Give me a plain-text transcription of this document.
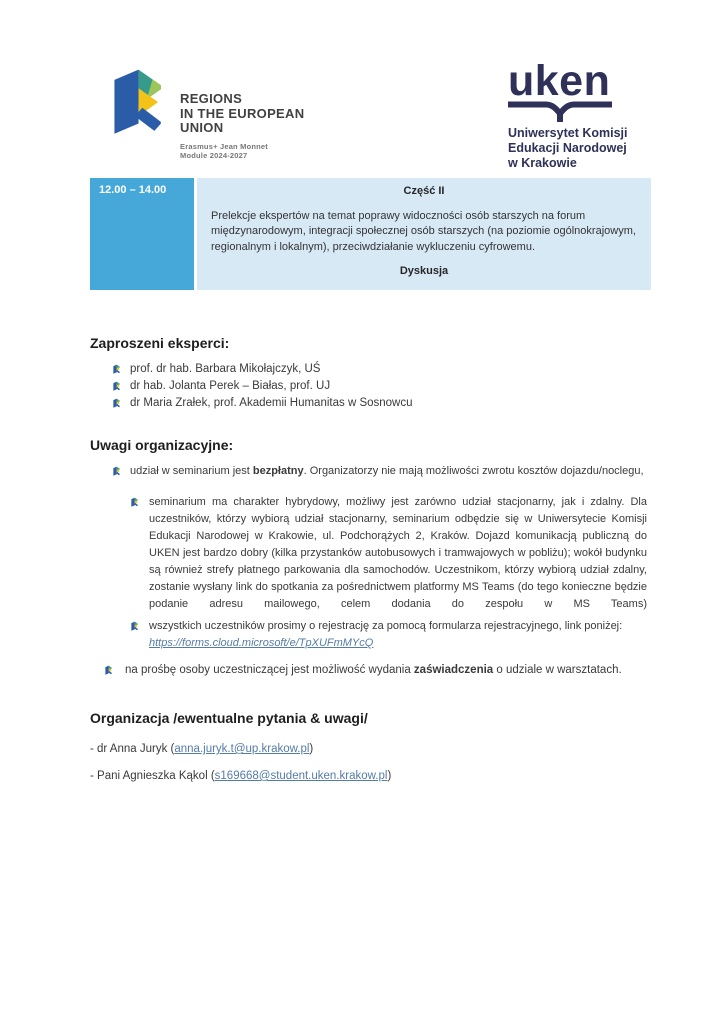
REGIONS
IN THE EUROPEAN
UNION
Erasmus+ Jean Monnet
Module 2024-2027
uken
Uniwersytet Komisji
Edukacji Narodowej
w Krakowie
12.00 – 14.00	Część II
Prelekcje ekspertów na temat poprawy widoczności osób starszych na forum międzynarodowym, integracji społecznej osób starszych (na poziomie ogólnokrajowym, regionalnym i lokalnym), przeciwdziałanie wykluczeniu cyfrowemu.
Dyskusja
Zaproszeni eksperci:
prof. dr hab. Barbara Mikołajczyk, UŚ
dr hab. Jolanta Perek – Białas, prof. UJ
dr Maria Zrałek, prof. Akademii Humanitas w Sosnowcu
Uwagi organizacyjne:
udział w seminarium jest bezpłatny. Organizatorzy nie mają możliwości zwrotu kosztów dojazdu/noclegu,
seminarium ma charakter hybrydowy, możliwy jest zarówno udział stacjonarny, jak i zdalny. Dla uczestników, którzy wybiorą udział stacjonarny, seminarium odbędzie się w Uniwersytecie Komisji Edukacji Narodowej w Krakowie, ul. Podchorążych 2, Kraków. Dojazd komunikacją publiczną do UKEN jest bardzo dobry (kilka przystanków autobusowych i tramwajowych w pobliżu); wokół budynku są również strefy płatnego parkowania dla samochodów. Uczestnikom, którzy wybiorą udział zdalny, zostanie wysłany link do spotkania za pośrednictwem platformy MS Teams (do tego konieczne będzie podanie adresu mailowego, celem dodania do zespołu w MS Teams)
wszystkich uczestników prosimy o rejestrację za pomocą formularza rejestracyjnego, link poniżej:
https://forms.cloud.microsoft/e/TpXUFmMYcQ
na prośbę osoby uczestniczącej jest możliwość wydania zaświadczenia o udziale w warsztatach.
Organizacja /ewentualne pytania & uwagi/

- dr Anna Juryk (anna.juryk.t@up.krakow.pl)

- Pani Agnieszka Kąkol (s169668@student.uken.krakow.pl)
